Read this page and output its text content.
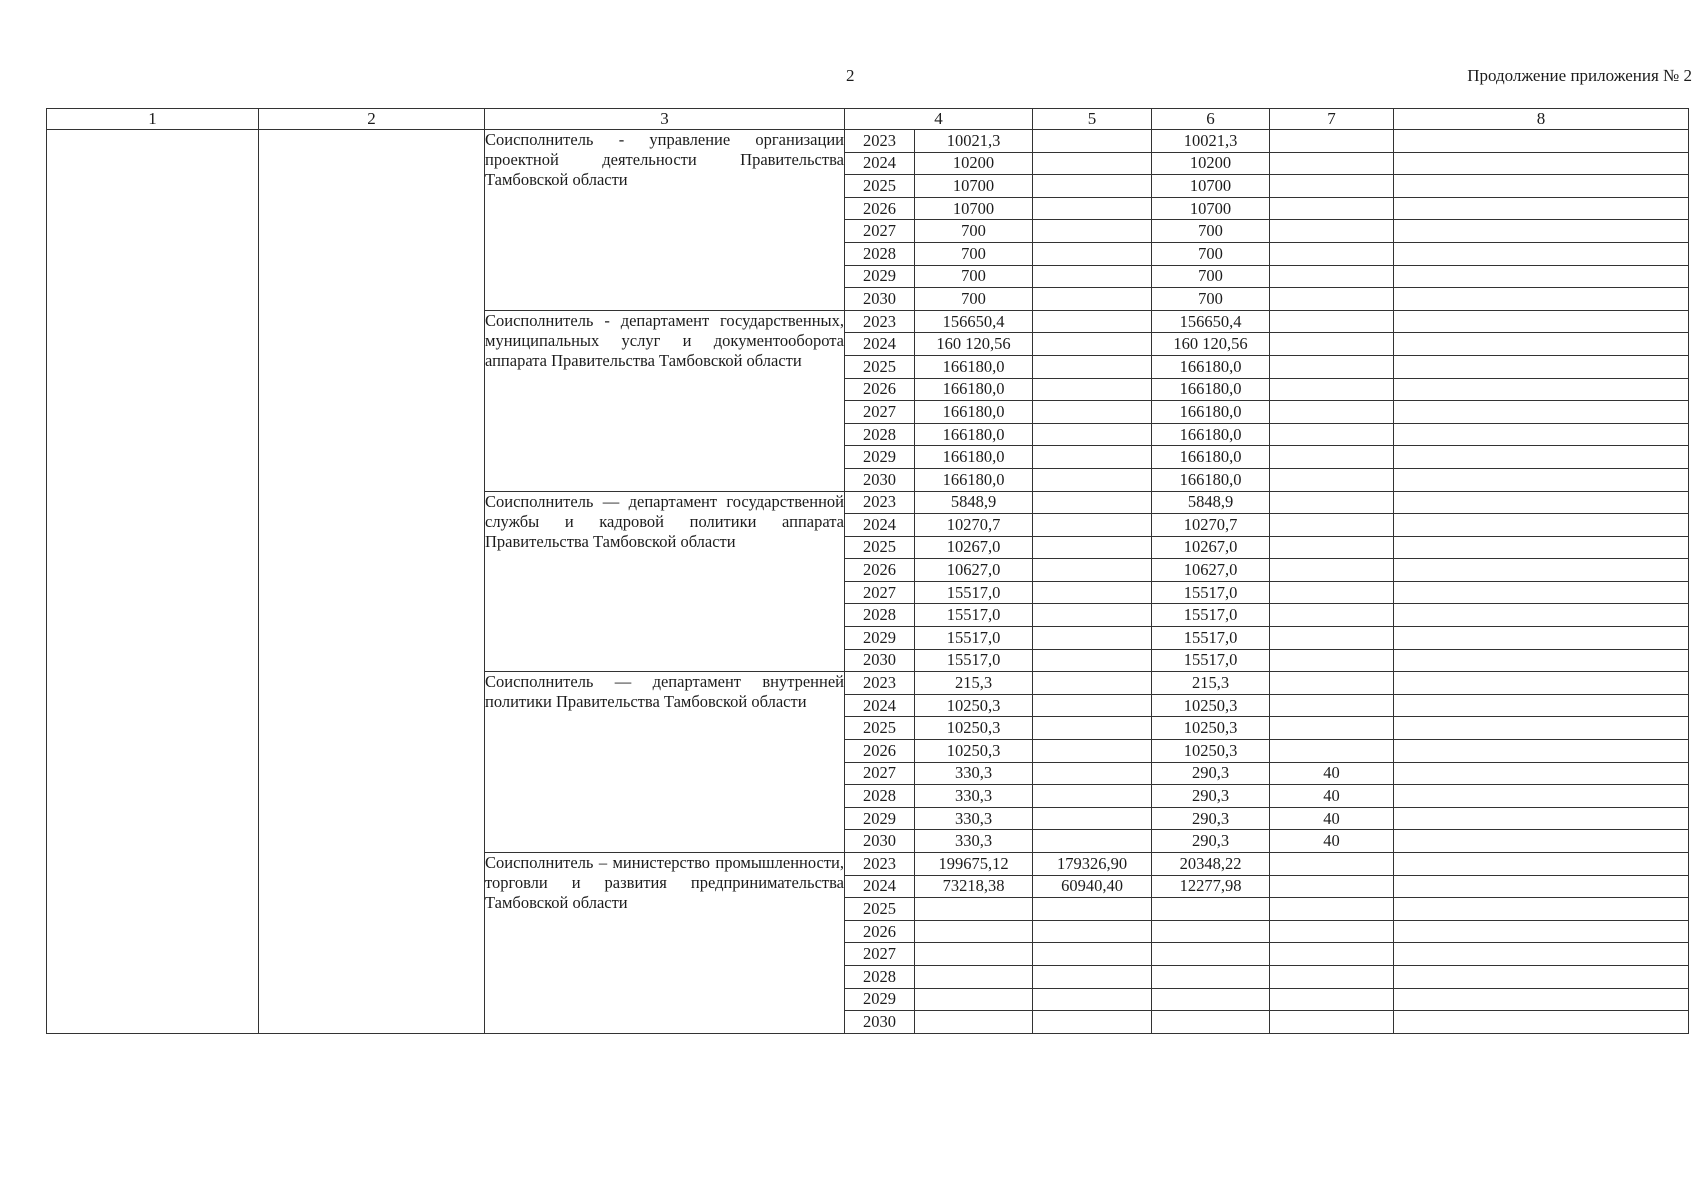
2	Продолжение приложения № 2
1	2	3	4		5	6	7	8
		Соисполнитель - управление организации проектной деятельности Правительства Тамбовской области	2023	10021,3		10021,3		
			2024	10200		10200		
			2025	10700		10700		
			2026	10700		10700		
			2027	700		700		
			2028	700		700		
			2029	700		700		
			2030	700		700		
		Соисполнитель - департамент государственных, муниципальных услуг и документооборота аппарата Правительства Тамбовской области	2023	156650,4		156650,4		
			2024	160 120,56		160 120,56		
			2025	166180,0		166180,0		
			2026	166180,0		166180,0		
			2027	166180,0		166180,0		
			2028	166180,0		166180,0		
			2029	166180,0		166180,0		
			2030	166180,0		166180,0		
		Соисполнитель — департамент государственной службы и кадровой политики аппарата Правительства Тамбовской области	2023	5848,9		5848,9		
			2024	10270,7		10270,7		
			2025	10267,0		10267,0		
			2026	10627,0		10627,0		
			2027	15517,0		15517,0		
			2028	15517,0		15517,0		
			2029	15517,0		15517,0		
			2030	15517,0		15517,0		
		Соисполнитель — департамент внутренней политики Правительства Тамбовской области	2023	215,3		215,3		
			2024	10250,3		10250,3		
			2025	10250,3		10250,3		
			2026	10250,3		10250,3		
			2027	330,3		290,3	40	
			2028	330,3		290,3	40	
			2029	330,3		290,3	40	
			2030	330,3		290,3	40	
		Соисполнитель – министерство промышленности, торговли и развития предпринимательства Тамбовской области	2023	199675,12	179326,90	20348,22		
			2024	73218,38	60940,40	12277,98		
			2025					
			2026					
			2027					
			2028					
			2029					
			2030					
